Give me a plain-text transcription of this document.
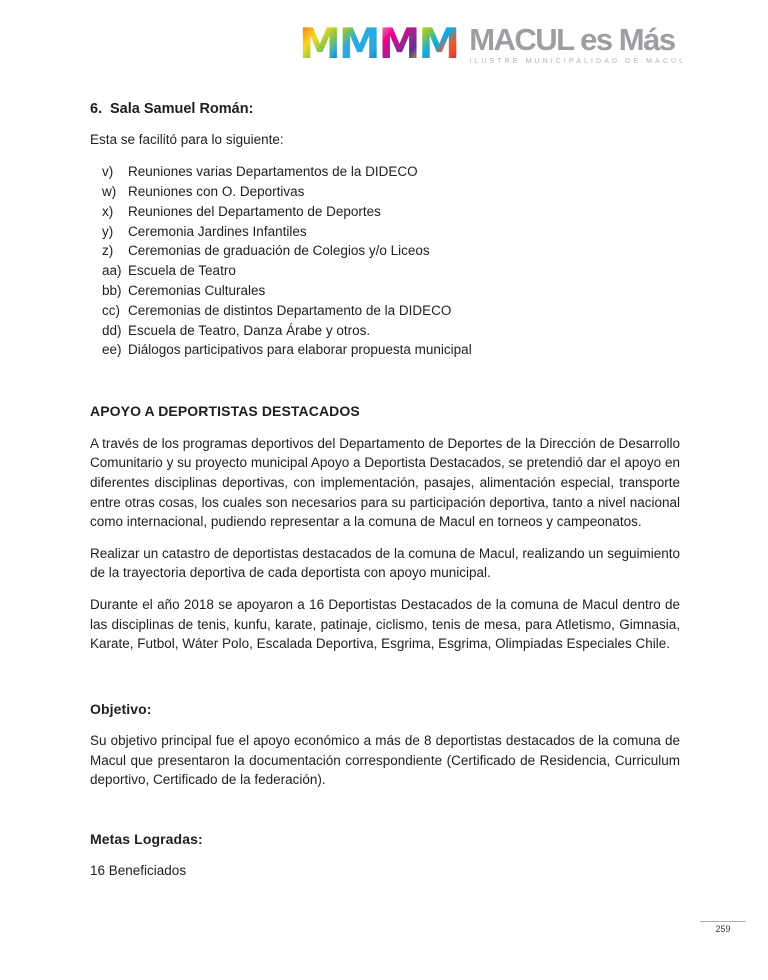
M M M M MACUL es Más
ILUSTRE MUNICIPALIDAD DE MACUL
6. Sala Samuel Román:
Esta se facilitó para lo siguiente:
v)	Reuniones varias Departamentos de la DIDECO
w) Reuniones con O. Deportivas
x)	Reuniones del Departamento de Deportes
y)	Ceremonia Jardines Infantiles
z)	Ceremonias de graduación de Colegios y/o Liceos
aa) Escuela de Teatro
bb) Ceremonias Culturales
cc) Ceremonias de distintos Departamento de la DIDECO
dd) Escuela de Teatro, Danza Árabe y otros.
ee) Diálogos participativos para elaborar propuesta municipal
APOYO A DEPORTISTAS DESTACADOS

A través de los programas deportivos del Departamento de Deportes de la Dirección de Desarrollo Comunitario y su proyecto municipal Apoyo a Deportista Destacados, se pretendió dar el apoyo en diferentes disciplinas deportivas, con implementación, pasajes, alimentación especial, transporte entre otras cosas, los cuales son necesarios para su participación deportiva, tanto a nivel nacional como internacional, pudiendo representar a la comuna de Macul en torneos y campeonatos.

Realizar un catastro de deportistas destacados de la comuna de Macul, realizando un seguimiento de la trayectoria deportiva de cada deportista con apoyo municipal.

Durante el año 2018 se apoyaron a 16 Deportistas Destacados de la comuna de Macul dentro de las disciplinas de tenis, kunfu, karate, patinaje, ciclismo, tenis de mesa, para Atletismo, Gimnasia, Karate, Futbol, Wáter Polo, Escalada Deportiva, Esgrima, Esgrima, Olimpiadas Especiales Chile.

Objetivo:

Su objetivo principal fue el apoyo económico a más de 8 deportistas destacados de la comuna de Macul que presentaron la documentación correspondiente (Certificado de Residencia, Curriculum deportivo, Certificado de la federación).

Metas Logradas:
16 Beneficiados
259
